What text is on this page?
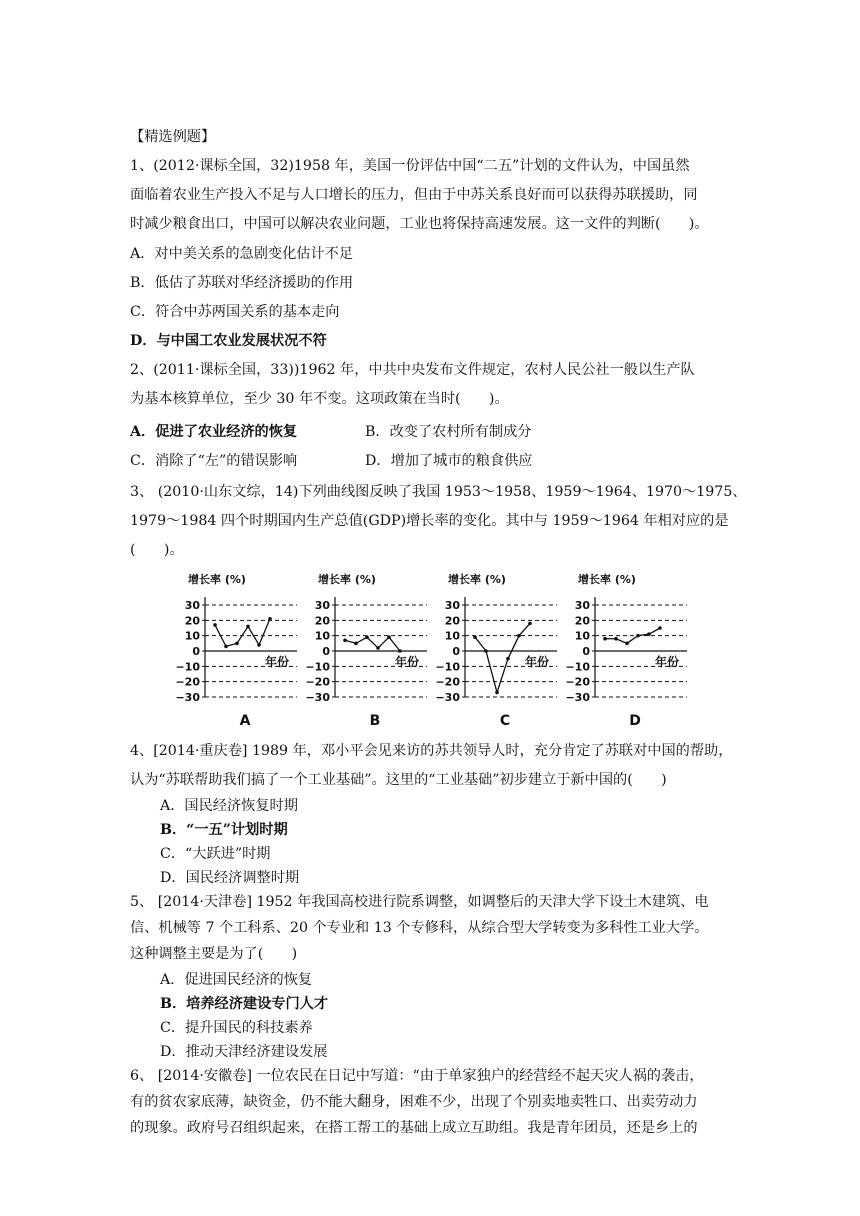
【精选例题】
1、(2012·课标全国，32)1958 年，美国一份评估中国“二五”计划的文件认为，中国虽然
面临着农业生产投入不足与人口增长的压力，但由于中苏关系良好而可以获得苏联援助，同
时减少粮食出口，中国可以解决农业问题，工业也将保持高速发展。这一文件的判断(　　)。
A．对中美关系的急剧变化估计不足
B．低估了苏联对华经济援助的作用
C．符合中苏两国关系的基本走向
D．与中国工农业发展状况不符
2、(2011·课标全国，33))1962 年，中共中央发布文件规定，农村人民公社一般以生产队
为基本核算单位，至少 30 年不变。这项政策在当时(　　)。
A．促进了农业经济的恢复	B．改变了农村所有制成分
C．消除了“左”的错误影响	D．增加了城市的粮食供应
3、 (2010·山东文综，14)下列曲线图反映了我国 1953～1958、1959～1964、1970～1975、
1979～1984 四个时期国内生产总值(GDP)增长率的变化。其中与 1959～1964 年相对应的是
(　　)。
增长率 (%)
30
20
10
0
−10
−20
−30
年份
A
增长率 (%)
30
20
10
0
−10
−20
−30
年份
B
增长率 (%)
30
20
10
0
−10
−20
−30
年份
C
增长率 (%)
30
20
10
0
−10
−20
−30
年份
D
4、[2014·重庆卷] 1989 年，邓小平会见来访的苏共领导人时，充分肯定了苏联对中国的帮助，
认为“苏联帮助我们搞了一个工业基础”。这里的“工业基础”初步建立于新中国的(　　)
A．国民经济恢复时期
B．“一五”计划时期
C．“大跃进”时期
D．国民经济调整时期
5、 [2014·天津卷] 1952 年我国高校进行院系调整，如调整后的天津大学下设土木建筑、电
信、机械等 7 个工科系、20 个专业和 13 个专修科，从综合型大学转变为多科性工业大学。
这种调整主要是为了(　　)
A．促进国民经济的恢复
B．培养经济建设专门人才
C．提升国民的科技素养
D．推动天津经济建设发展
6、 [2014·安徽卷] 一位农民在日记中写道：“由于单家独户的经营经不起天灾人祸的袭击，
有的贫农家底薄，缺资金，仍不能大翻身，困难不少，出现了个别卖地卖牲口、出卖劳动力
的现象。政府号召组织起来，在搭工帮工的基础上成立互助组。我是青年团员，还是乡上的
